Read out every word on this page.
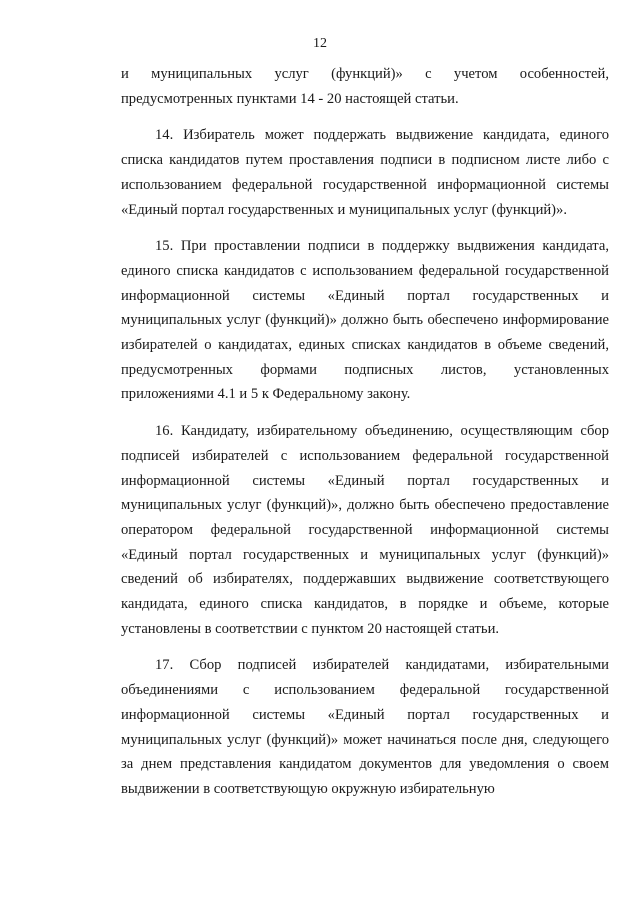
12

и муниципальных услуг (функций)» с учетом особенностей, предусмотренных пунктами 14 - 20 настоящей статьи.

14. Избиратель может поддержать выдвижение кандидата, единого списка кандидатов путем проставления подписи в подписном листе либо с использованием федеральной государственной информационной системы «Единый портал государственных и муниципальных услуг (функций)».

15. При проставлении подписи в поддержку выдвижения кандидата, единого списка кандидатов с использованием федеральной государственной информационной системы «Единый портал государственных и муниципальных услуг (функций)» должно быть обеспечено информирование избирателей о кандидатах, единых списках кандидатов в объеме сведений, предусмотренных формами подписных листов, установленных приложениями 4.1 и 5 к Федеральному закону.

16. Кандидату, избирательному объединению, осуществляющим сбор подписей избирателей с использованием федеральной государственной информационной системы «Единый портал государственных и муниципальных услуг (функций)», должно быть обеспечено предоставление оператором федеральной государственной информационной системы «Единый портал государственных и муниципальных услуг (функций)» сведений об избирателях, поддержавших выдвижение соответствующего кандидата, единого списка кандидатов, в порядке и объеме, которые установлены в соответствии с пунктом 20 настоящей статьи.

17. Сбор подписей избирателей кандидатами, избирательными объединениями с использованием федеральной государственной информационной системы «Единый портал государственных и муниципальных услуг (функций)» может начинаться после дня, следующего за днем представления кандидатом документов для уведомления о своем выдвижении в соответствующую окружную избирательную
